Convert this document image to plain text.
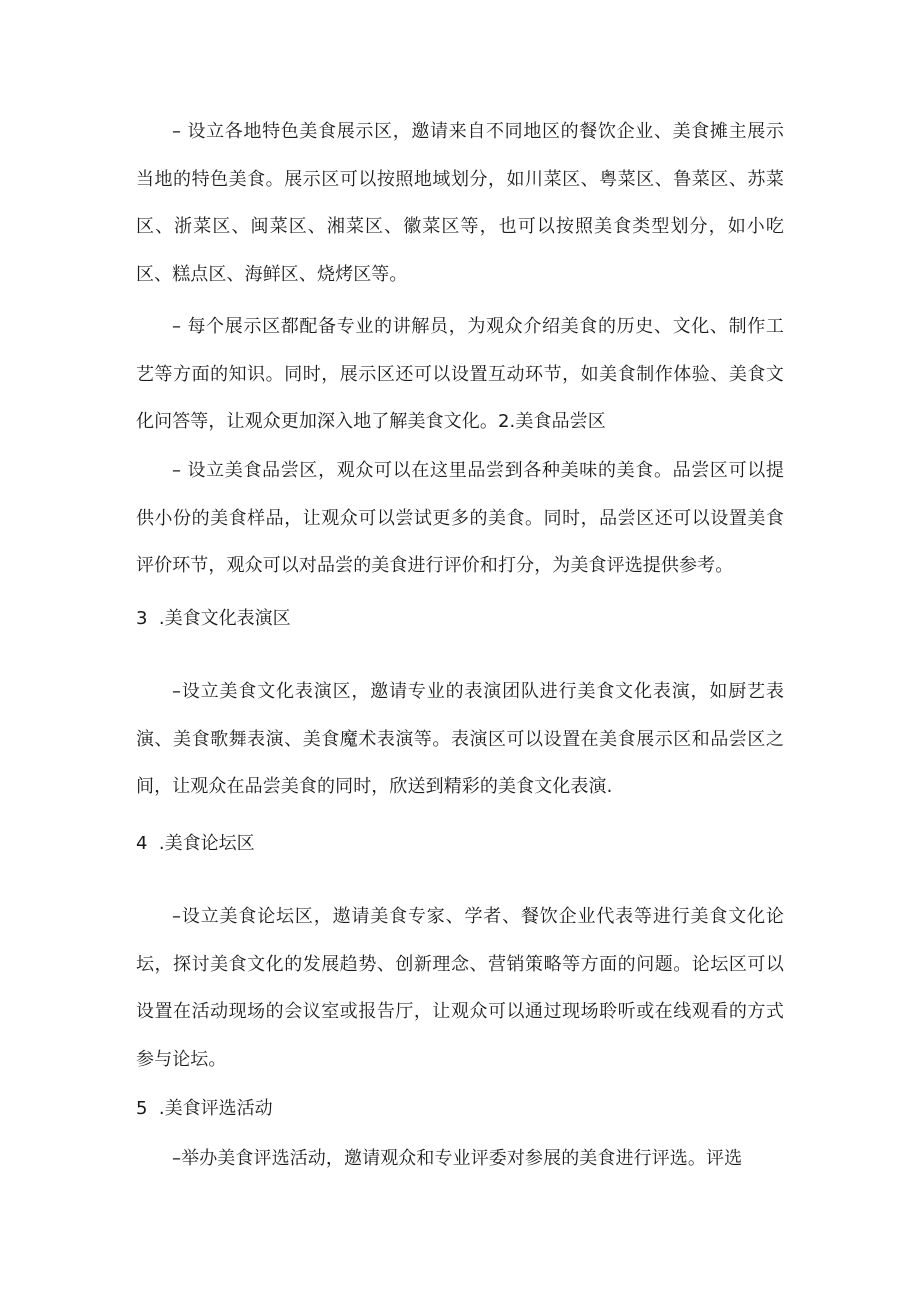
– 设立各地特色美食展示区，邀请来自不同地区的餐饮企业、美食摊主展示当地的特色美食。展示区可以按照地域划分，如川菜区、粤菜区、鲁菜区、苏菜区、浙菜区、闽菜区、湘菜区、徽菜区等，也可以按照美食类型划分，如小吃区、糕点区、海鲜区、烧烤区等。

– 每个展示区都配备专业的讲解员，为观众介绍美食的历史、文化、制作工艺等方面的知识。同时，展示区还可以设置互动环节，如美食制作体验、美食文化问答等，让观众更加深入地了解美食文化。2.美食品尝区

– 设立美食品尝区，观众可以在这里品尝到各种美味的美食。品尝区可以提供小份的美食样品，让观众可以尝试更多的美食。同时，品尝区还可以设置美食评价环节，观众可以对品尝的美食进行评价和打分，为美食评选提供参考。

3  .美食文化表演区

–设立美食文化表演区，邀请专业的表演团队进行美食文化表演，如厨艺表演、美食歌舞表演、美食魔术表演等。表演区可以设置在美食展示区和品尝区之间，让观众在品尝美食的同时，欣送到精彩的美食文化表演.

4  .美食论坛区

–设立美食论坛区，遨请美食专家、学者、餐饮企业代表等进行美食文化论坛，探讨美食文化的发展趋势、创新理念、营销策略等方面的问题。论坛区可以设置在活动现场的会议室或报告厅，让观众可以通过现场聆听或在线观看的方式参与论坛。

5  .美食评选活动

–举办美食评选活动，邀请观众和专业评委对参展的美食进行评选。评选
